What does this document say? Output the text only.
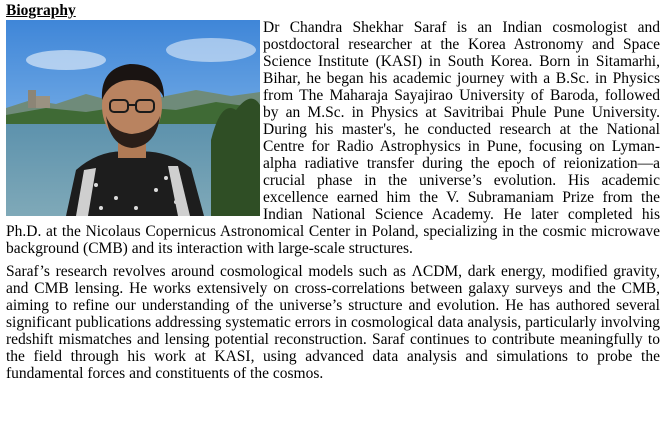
Biography

Dr Chandra Shekhar Saraf is an Indian cosmologist and postdoctoral researcher at the Korea Astronomy and Space Science Institute (KASI) in South Korea. Born in Sitamarhi, Bihar, he began his academic journey with a B.Sc. in Physics from The Maharaja Sayajirao University of Baroda, followed by an M.Sc. in Physics at Savitribai Phule Pune University. During his master's, he conducted research at the National Centre for Radio Astrophysics in Pune, focusing on Lyman-alpha radiative transfer during the epoch of reionization—a crucial phase in the universe’s evolution. His academic excellence earned him the V. Subramaniam Prize from the Indian National Science Academy. He later completed his Ph.D. at the Nicolaus Copernicus Astronomical Center in Poland, specializing in the cosmic microwave background (CMB) and its interaction with large-scale structures.

Saraf’s research revolves around cosmological models such as ΛCDM, dark energy, modified gravity, and CMB lensing. He works extensively on cross-correlations between galaxy surveys and the CMB, aiming to refine our understanding of the universe’s structure and evolution. He has authored several significant publications addressing systematic errors in cosmological data analysis, particularly involving redshift mismatches and lensing potential reconstruction. Saraf continues to contribute meaningfully to the field through his work at KASI, using advanced data analysis and simulations to probe the fundamental forces and constituents of the cosmos.
